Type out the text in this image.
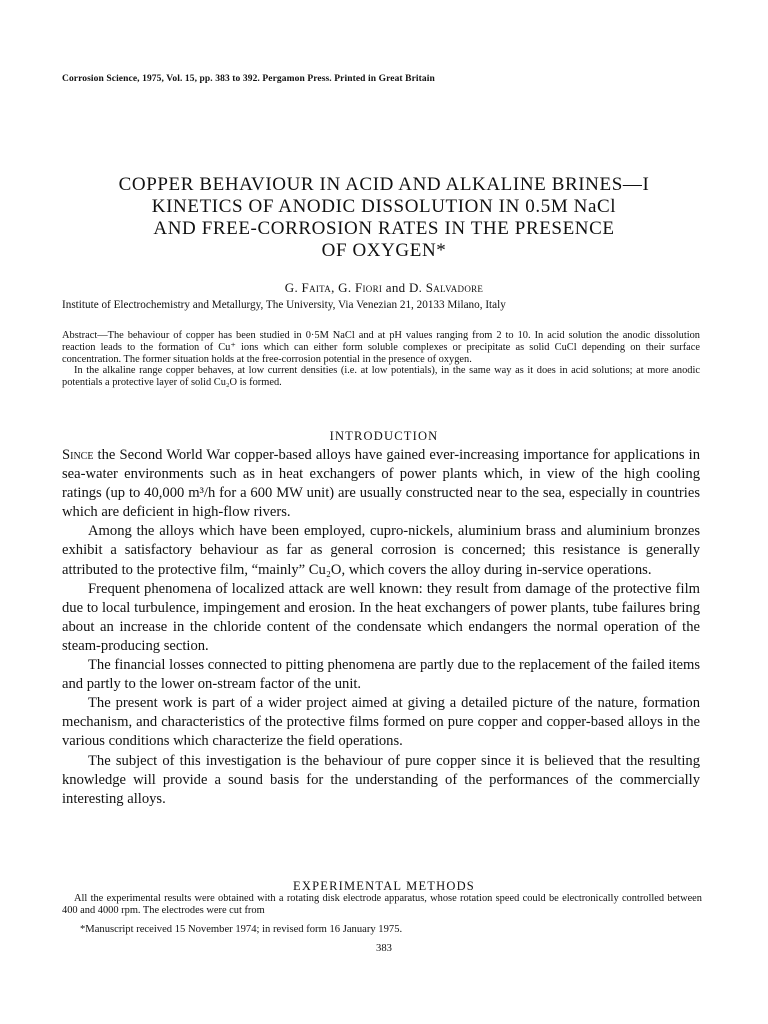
Corrosion Science, 1975, Vol. 15, pp. 383 to 392. Pergamon Press. Printed in Great Britain
COPPER BEHAVIOUR IN ACID AND ALKALINE BRINES—I
KINETICS OF ANODIC DISSOLUTION IN 0.5M NaCl
AND FREE-CORROSION RATES IN THE PRESENCE
OF OXYGEN*
G. Faita, G. Fiori and D. Salvadore
Institute of Electrochemistry and Metallurgy, The University, Via Venezian 21, 20133 Milano, Italy

Abstract—The behaviour of copper has been studied in 0·5M NaCl and at pH values ranging from 2 to 10. In acid solution the anodic dissolution reaction leads to the formation of Cu⁺ ions which can either form soluble complexes or precipitate as solid CuCl depending on their surface concentration. The former situation holds at the free-corrosion potential in the presence of oxygen.

In the alkaline range copper behaves, at low current densities (i.e. at low potentials), in the same way as it does in acid solutions; at more anodic potentials a protective layer of solid Cu₂O is formed.

INTRODUCTION

Since the Second World War copper-based alloys have gained ever-increasing importance for applications in sea-water environments such as in heat exchangers of power plants which, in view of the high cooling ratings (up to 40,000 m³/h for a 600 MW unit) are usually constructed near to the sea, especially in countries which are deficient in high-flow rivers.

Among the alloys which have been employed, cupro-nickels, aluminium brass and aluminium bronzes exhibit a satisfactory behaviour as far as general corrosion is concerned; this resistance is generally attributed to the protective film, “mainly” Cu₂O, which covers the alloy during in-service operations.

Frequent phenomena of localized attack are well known: they result from damage of the protective film due to local turbulence, impingement and erosion. In the heat exchangers of power plants, tube failures bring about an increase in the chloride content of the condensate which endangers the normal operation of the steam-producing section.

The financial losses connected to pitting phenomena are partly due to the replacement of the failed items and partly to the lower on-stream factor of the unit.

The present work is part of a wider project aimed at giving a detailed picture of the nature, formation mechanism, and characteristics of the protective films formed on pure copper and copper-based alloys in the various conditions which characterize the field operations.

The subject of this investigation is the behaviour of pure copper since it is believed that the resulting knowledge will provide a sound basis for the understanding of the performances of the commercially interesting alloys.

EXPERIMENTAL METHODS

All the experimental results were obtained with a rotating disk electrode apparatus, whose rotation speed could be electronically controlled between 400 and 4000 rpm. The electrodes were cut from

*Manuscript received 15 November 1974; in revised form 16 January 1975.
383
